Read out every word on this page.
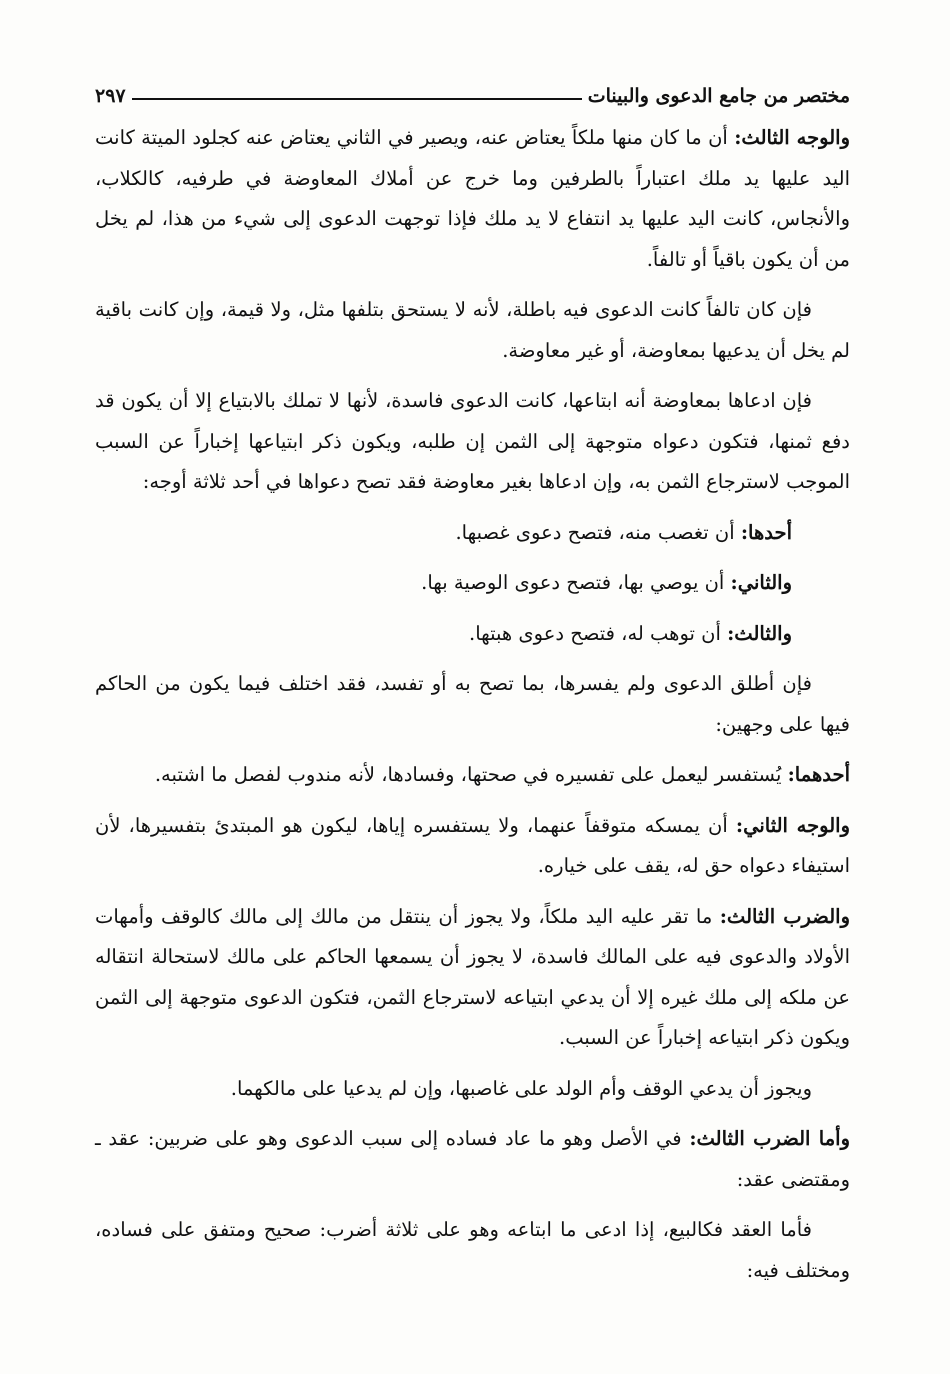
مختصر من جامع الدعوى والبينات
٢٩٧

والوجه الثالث: أن ما كان منها ملكاً يعتاض عنه، ويصير في الثاني يعتاض عنه كجلود الميتة كانت اليد عليها يد ملك اعتباراً بالطرفين وما خرج عن أملاك المعاوضة في طرفيه، كالكلاب، والأنجاس، كانت اليد عليها يد انتفاع لا يد ملك فإذا توجهت الدعوى إلى شيء من هذا، لم يخل من أن يكون باقياً أو تالفاً.

فإن كان تالفاً كانت الدعوى فيه باطلة، لأنه لا يستحق بتلفها مثل، ولا قيمة، وإن كانت باقية لم يخل أن يدعيها بمعاوضة، أو غير معاوضة.

فإن ادعاها بمعاوضة أنه ابتاعها، كانت الدعوى فاسدة، لأنها لا تملك بالابتياع إلا أن يكون قد دفع ثمنها، فتكون دعواه متوجهة إلى الثمن إن طلبه، ويكون ذكر ابتياعها إخباراً عن السبب الموجب لاسترجاع الثمن به، وإن ادعاها بغير معاوضة فقد تصح دعواها في أحد ثلاثة أوجه:

أحدها: أن تغصب منه، فتصح دعوى غصبها.

والثاني: أن يوصي بها، فتصح دعوى الوصية بها.

والثالث: أن توهب له، فتصح دعوى هبتها.

فإن أطلق الدعوى ولم يفسرها، بما تصح به أو تفسد، فقد اختلف فيما يكون من الحاكم فيها على وجهين:

أحدهما: يُستفسر ليعمل على تفسيره في صحتها، وفسادها، لأنه مندوب لفصل ما اشتبه.

والوجه الثاني: أن يمسكه متوقفاً عنهما، ولا يستفسره إياها، ليكون هو المبتدئ بتفسيرها، لأن استيفاء دعواه حق له، يقف على خياره.

والضرب الثالث: ما تقر عليه اليد ملكاً، ولا يجوز أن ينتقل من مالك إلى مالك كالوقف وأمهات الأولاد والدعوى فيه على المالك فاسدة، لا يجوز أن يسمعها الحاكم على مالك لاستحالة انتقاله عن ملكه إلى ملك غيره إلا أن يدعي ابتياعه لاسترجاع الثمن، فتكون الدعوى متوجهة إلى الثمن ويكون ذكر ابتياعه إخباراً عن السبب.

ويجوز أن يدعي الوقف وأم الولد على غاصبها، وإن لم يدعيا على مالكهما.

وأما الضرب الثالث: في الأصل وهو ما عاد فساده إلى سبب الدعوى وهو على ضربين: عقد ـ ومقتضى عقد:

فأما العقد فكالبيع، إذا ادعى ما ابتاعه وهو على ثلاثة أضرب: صحيح ومتفق على فساده، ومختلف فيه:
